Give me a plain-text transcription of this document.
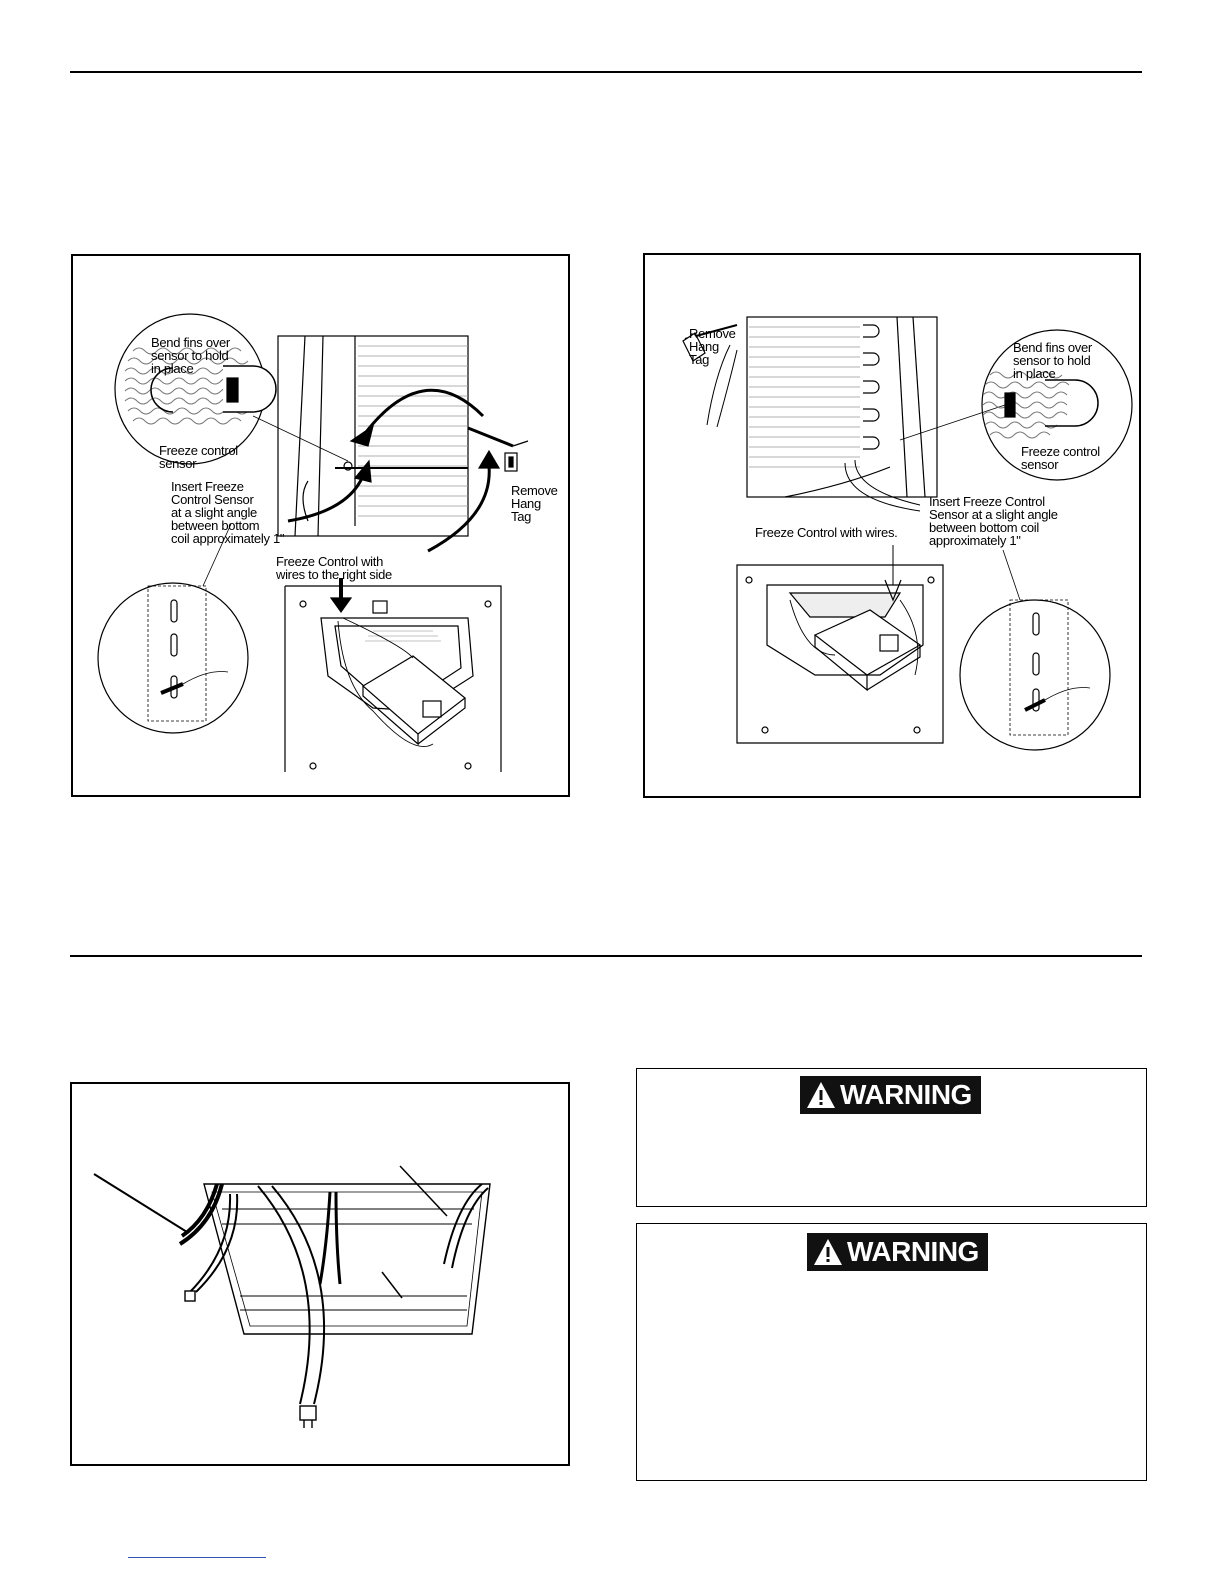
Bend fins over
sensor to hold
in place
Freeze control
sensor
Insert Freeze
Control Sensor
at a slight angle
between bottom
coil approximately 1"
Remove
Hang
Tag
Freeze Control with
wires to the right side
Remove
Hang
Tag
Bend fins over
sensor to hold
in place
Freeze control
sensor
Insert Freeze Control
Sensor at a slight angle
between bottom coil
approximately 1"
Freeze Control with wires.
WARNING
WARNING
